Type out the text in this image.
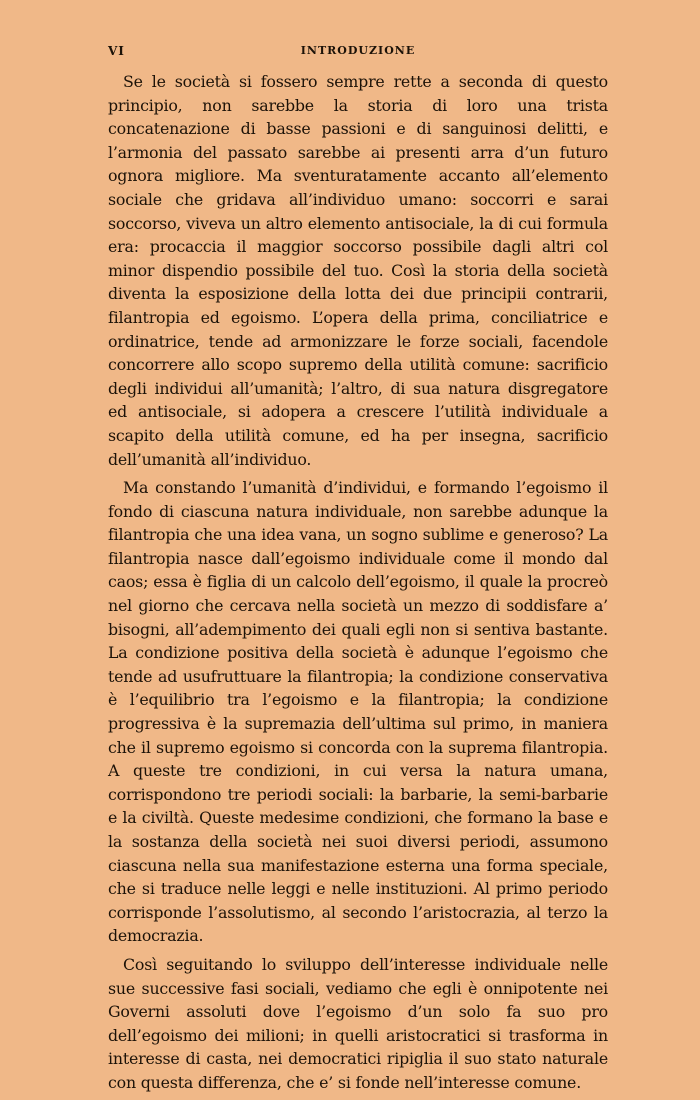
VI	INTRODUZIONE

Se le società si fossero sempre rette a seconda di questo principio, non sarebbe la storia di loro una trista concatenazione di basse passioni e di sanguinosi delitti, e l’armonia del passato sarebbe ai presenti arra d’un futuro ognora migliore. Ma sventuratamente accanto all’elemento sociale che gridava all’individuo umano: soccorri e sarai soccorso, viveva un altro elemento antisociale, la di cui formula era: procaccia il maggior soccorso possibile dagli altri col minor dispendio possibile del tuo. Così la storia della società diventa la esposizione della lotta dei due principii contrarii, filantropia ed egoismo. L’opera della prima, conciliatrice e ordinatrice, tende ad armonizzare le forze sociali, facendole concorrere allo scopo supremo della utilità comune: sacrificio degli individui all’umanità; l’altro, di sua natura disgregatore ed antisociale, si adopera a crescere l’utilità individuale a scapito della utilità comune, ed ha per insegna, sacrificio dell’umanità all’individuo.

Ma constando l’umanità d’individui, e formando l’egoismo il fondo di ciascuna natura individuale, non sarebbe adunque la filantropia che una idea vana, un sogno sublime e generoso? La filantropia nasce dall’egoismo individuale come il mondo dal caos; essa è figlia di un calcolo dell’egoismo, il quale la procreò nel giorno che cercava nella società un mezzo di soddisfare a’ bisogni, all’adempimento dei quali egli non si sentiva bastante. La condizione positiva della società è adunque l’egoismo che tende ad usufruttuare la filantropia; la condizione conservativa è l’equilibrio tra l’egoismo e la filantropia; la condizione progressiva è la supremazia dell’ultima sul primo, in maniera che il supremo egoismo si concorda con la suprema filantropia. A queste tre condizioni, in cui versa la natura umana, corrispondono tre periodi sociali: la barbarie, la semi-barbarie e la civiltà. Queste medesime condizioni, che formano la base e la sostanza della società nei suoi diversi periodi, assumono ciascuna nella sua manifestazione esterna una forma speciale, che si traduce nelle leggi e nelle instituzioni. Al primo periodo corrisponde l’assolutismo, al secondo l’aristocrazia, al terzo la democrazia.

Così seguitando lo sviluppo dell’interesse individuale nelle sue successive fasi sociali, vediamo che egli è onnipotente nei Governi assoluti dove l’egoismo d’un solo fa suo pro dell’egoismo dei milioni; in quelli aristocratici si trasforma in interesse di casta, nei democratici ripiglia il suo stato naturale con questa differenza, che e’ si fonde nell’interesse comune.
